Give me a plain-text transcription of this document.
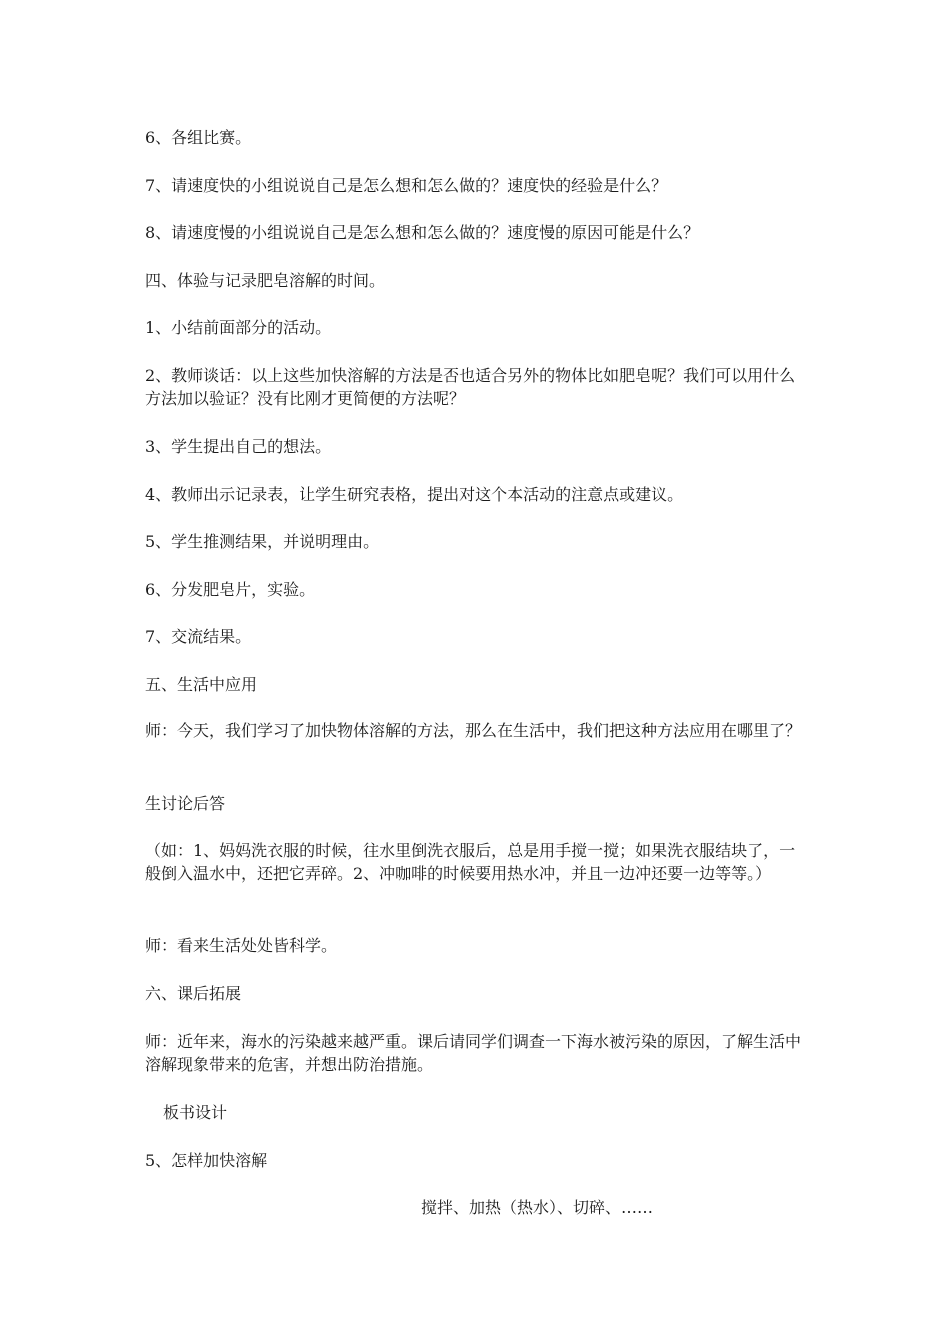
6、各组比赛。

7、请速度快的小组说说自己是怎么想和怎么做的？速度快的经验是什么？

8、请速度慢的小组说说自己是怎么想和怎么做的？速度慢的原因可能是什么？

四、体验与记录肥皂溶解的时间。

1、小结前面部分的活动。

2、教师谈话：以上这些加快溶解的方法是否也适合另外的物体比如肥皂呢？我们可以用什么方法加以验证？没有比刚才更简便的方法呢？

3、学生提出自己的想法。

4、教师出示记录表，让学生研究表格，提出对这个本活动的注意点或建议。

5、学生推测结果，并说明理由。

6、分发肥皂片，实验。

7、交流结果。

五、生活中应用

师：今天，我们学习了加快物体溶解的方法，那么在生活中，我们把这种方法应用在哪里了？

生讨论后答

（如：1、妈妈洗衣服的时候，往水里倒洗衣服后，总是用手搅一搅；如果洗衣服结块了，一般倒入温水中，还把它弄碎。2、冲咖啡的时候要用热水冲，并且一边冲还要一边等等。）

师：看来生活处处皆科学。

六、课后拓展

师：近年来，海水的污染越来越严重。课后请同学们调查一下海水被污染的原因，了解生活中溶解现象带来的危害，并想出防治措施。

板书设计

5、怎样加快溶解

搅拌、加热（热水）、切碎、……
